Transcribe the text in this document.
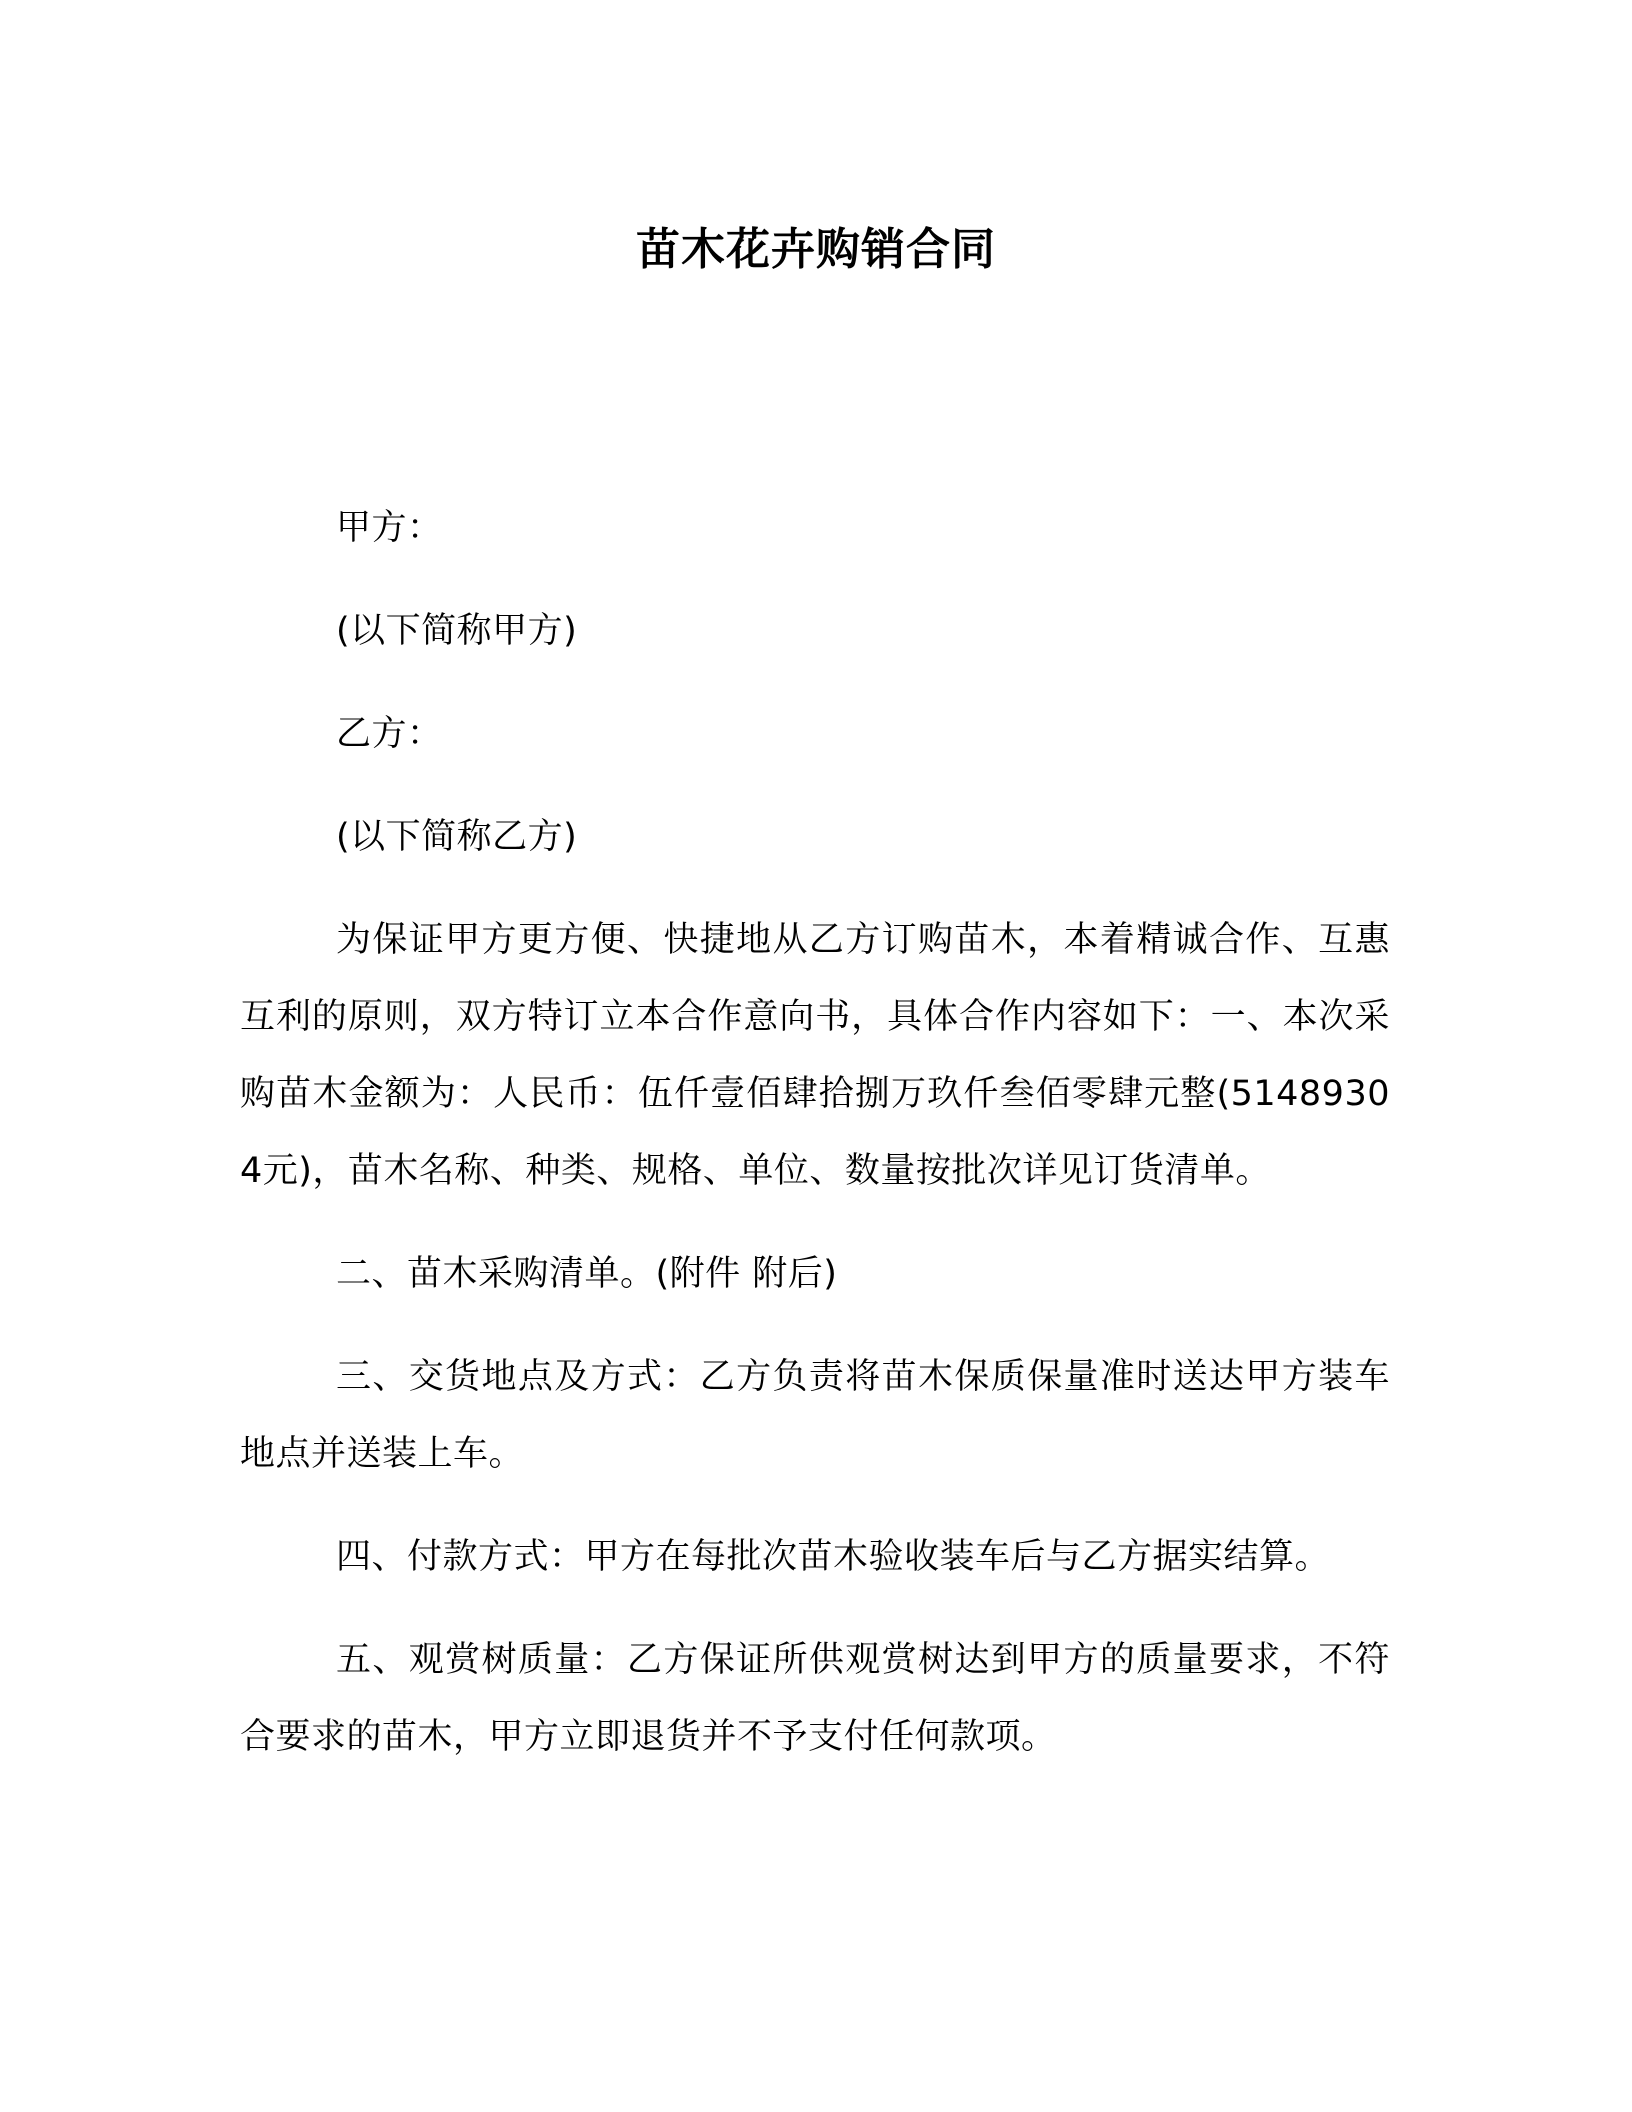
苗木花卉购销合同

甲方：

(以下简称甲方)

乙方：

(以下简称乙方)

为保证甲方更方便、快捷地从乙方订购苗木，本着精诚合作、互惠互利的原则，双方特订立本合作意向书，具体合作内容如下：一、本次采购苗木金额为：人民币：伍仟壹佰肆拾捌万玖仟叁佰零肆元整(51489304元)，苗木名称、种类、规格、单位、数量按批次详见订货清单。

二、苗木采购清单。(附件 附后)

三、交货地点及方式：乙方负责将苗木保质保量准时送达甲方装车地点并送装上车。

四、付款方式：甲方在每批次苗木验收装车后与乙方据实结算。

五、观赏树质量：乙方保证所供观赏树达到甲方的质量要求，不符合要求的苗木，甲方立即退货并不予支付任何款项。
